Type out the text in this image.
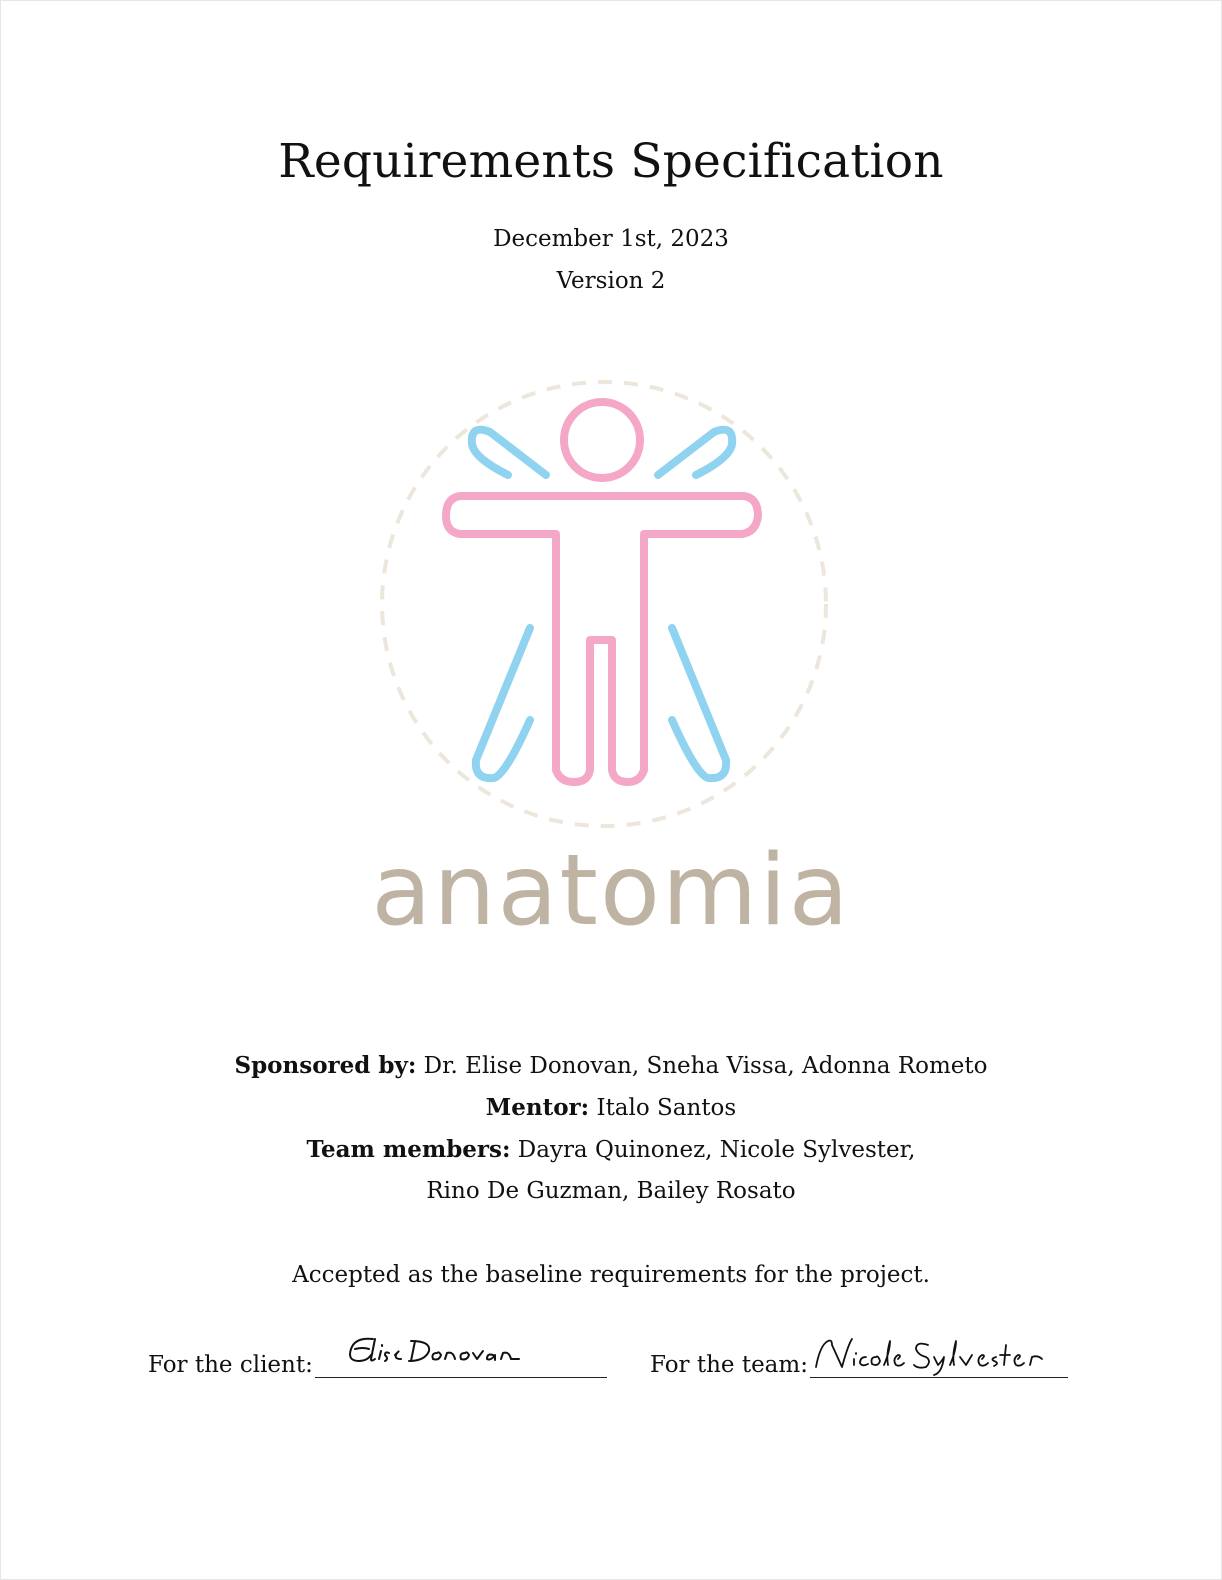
Requirements Specification
December 1st, 2023
Version 2
anatomia
Sponsored by: Dr. Elise Donovan, Sneha Vissa, Adonna Rometo
Mentor: Italo Santos
Team members: Dayra Quinonez, Nicole Sylvester,
Rino De Guzman, Bailey Rosato
Accepted as the baseline requirements for the project.
For the client:	For the team:
